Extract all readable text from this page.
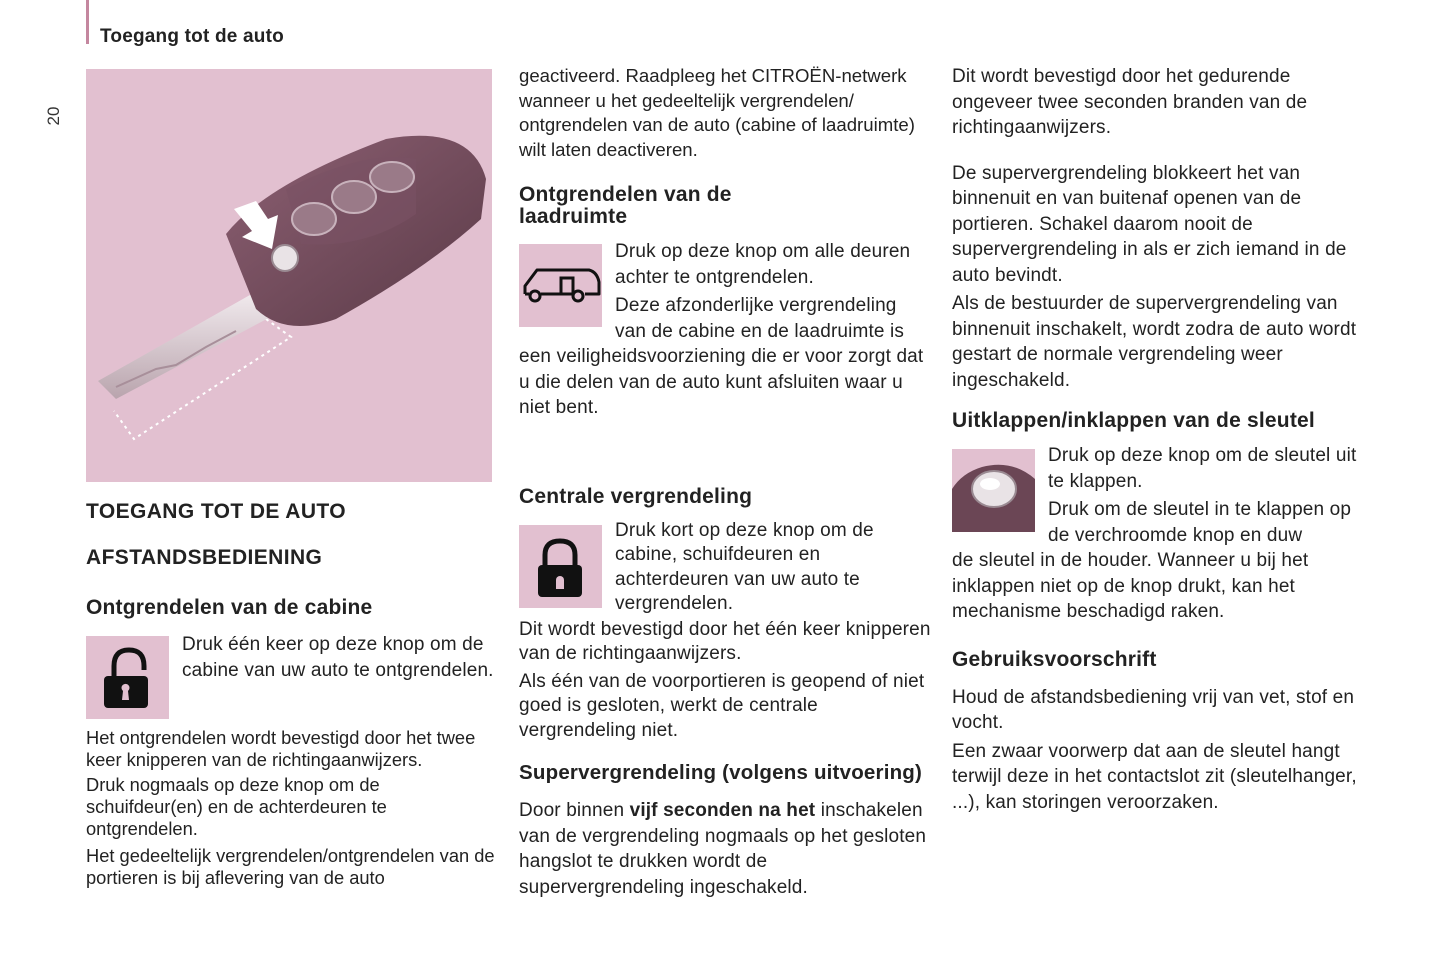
Toegang tot de auto
20
TOEGANG TOT DE AUTO
AFSTANDSBEDIENING
Ontgrendelen van de cabine

Druk één keer op deze knop om de cabine van uw auto te ontgrendelen.

Het ontgrendelen wordt bevestigd door het twee keer knipperen van de richtingaanwijzers.

Druk nogmaals op deze knop om de schuifdeur(en) en de achterdeuren te ontgrendelen.

Het gedeeltelijk vergrendelen/ontgrendelen van de portieren is bij aflevering van de auto

geactiveerd. Raadpleeg het CITROËN-netwerk wanneer u het gedeeltelijk vergrendelen/ ontgrendelen van de auto (cabine of laadruimte) wilt laten deactiveren.

Ontgrendelen van de laadruimte

Druk op deze knop om alle deuren achter te ontgrendelen.

Deze afzonderlijke vergrendeling van de cabine en de laadruimte is

een veiligheidsvoorziening die er voor zorgt dat u die delen van de auto kunt afsluiten waar u niet bent.

Centrale vergrendeling

Druk kort op deze knop om de cabine, schuifdeuren en achterdeuren van uw auto te vergrendelen.

Dit wordt bevestigd door het één keer knipperen van de richtingaanwijzers.

Als één van de voorportieren is geopend of niet goed is gesloten, werkt de centrale vergrendeling niet.

Supervergrendeling (volgens uitvoering)

Door binnen vijf seconden na het inschakelen van de vergrendeling nogmaals op het gesloten hangslot te drukken wordt de supervergrendeling ingeschakeld.

Dit wordt bevestigd door het gedurende ongeveer twee seconden branden van de richtingaanwijzers.

De supervergrendeling blokkeert het van binnenuit en van buitenaf openen van de portieren. Schakel daarom nooit de supervergrendeling in als er zich iemand in de auto bevindt.

Als de bestuurder de supervergrendeling van binnenuit inschakelt, wordt zodra de auto wordt gestart de normale vergrendeling weer ingeschakeld.

Uitklappen/inklappen van de sleutel

Druk op deze knop om de sleutel uit te klappen.

Druk om de sleutel in te klappen op de verchroomde knop en duw

de sleutel in de houder. Wanneer u bij het inklappen niet op de knop drukt, kan het mechanisme beschadigd raken.

Gebruiksvoorschrift

Houd de afstandsbediening vrij van vet, stof en vocht.

Een zwaar voorwerp dat aan de sleutel hangt terwijl deze in het contactslot zit (sleutelhanger, ...), kan storingen veroorzaken.
